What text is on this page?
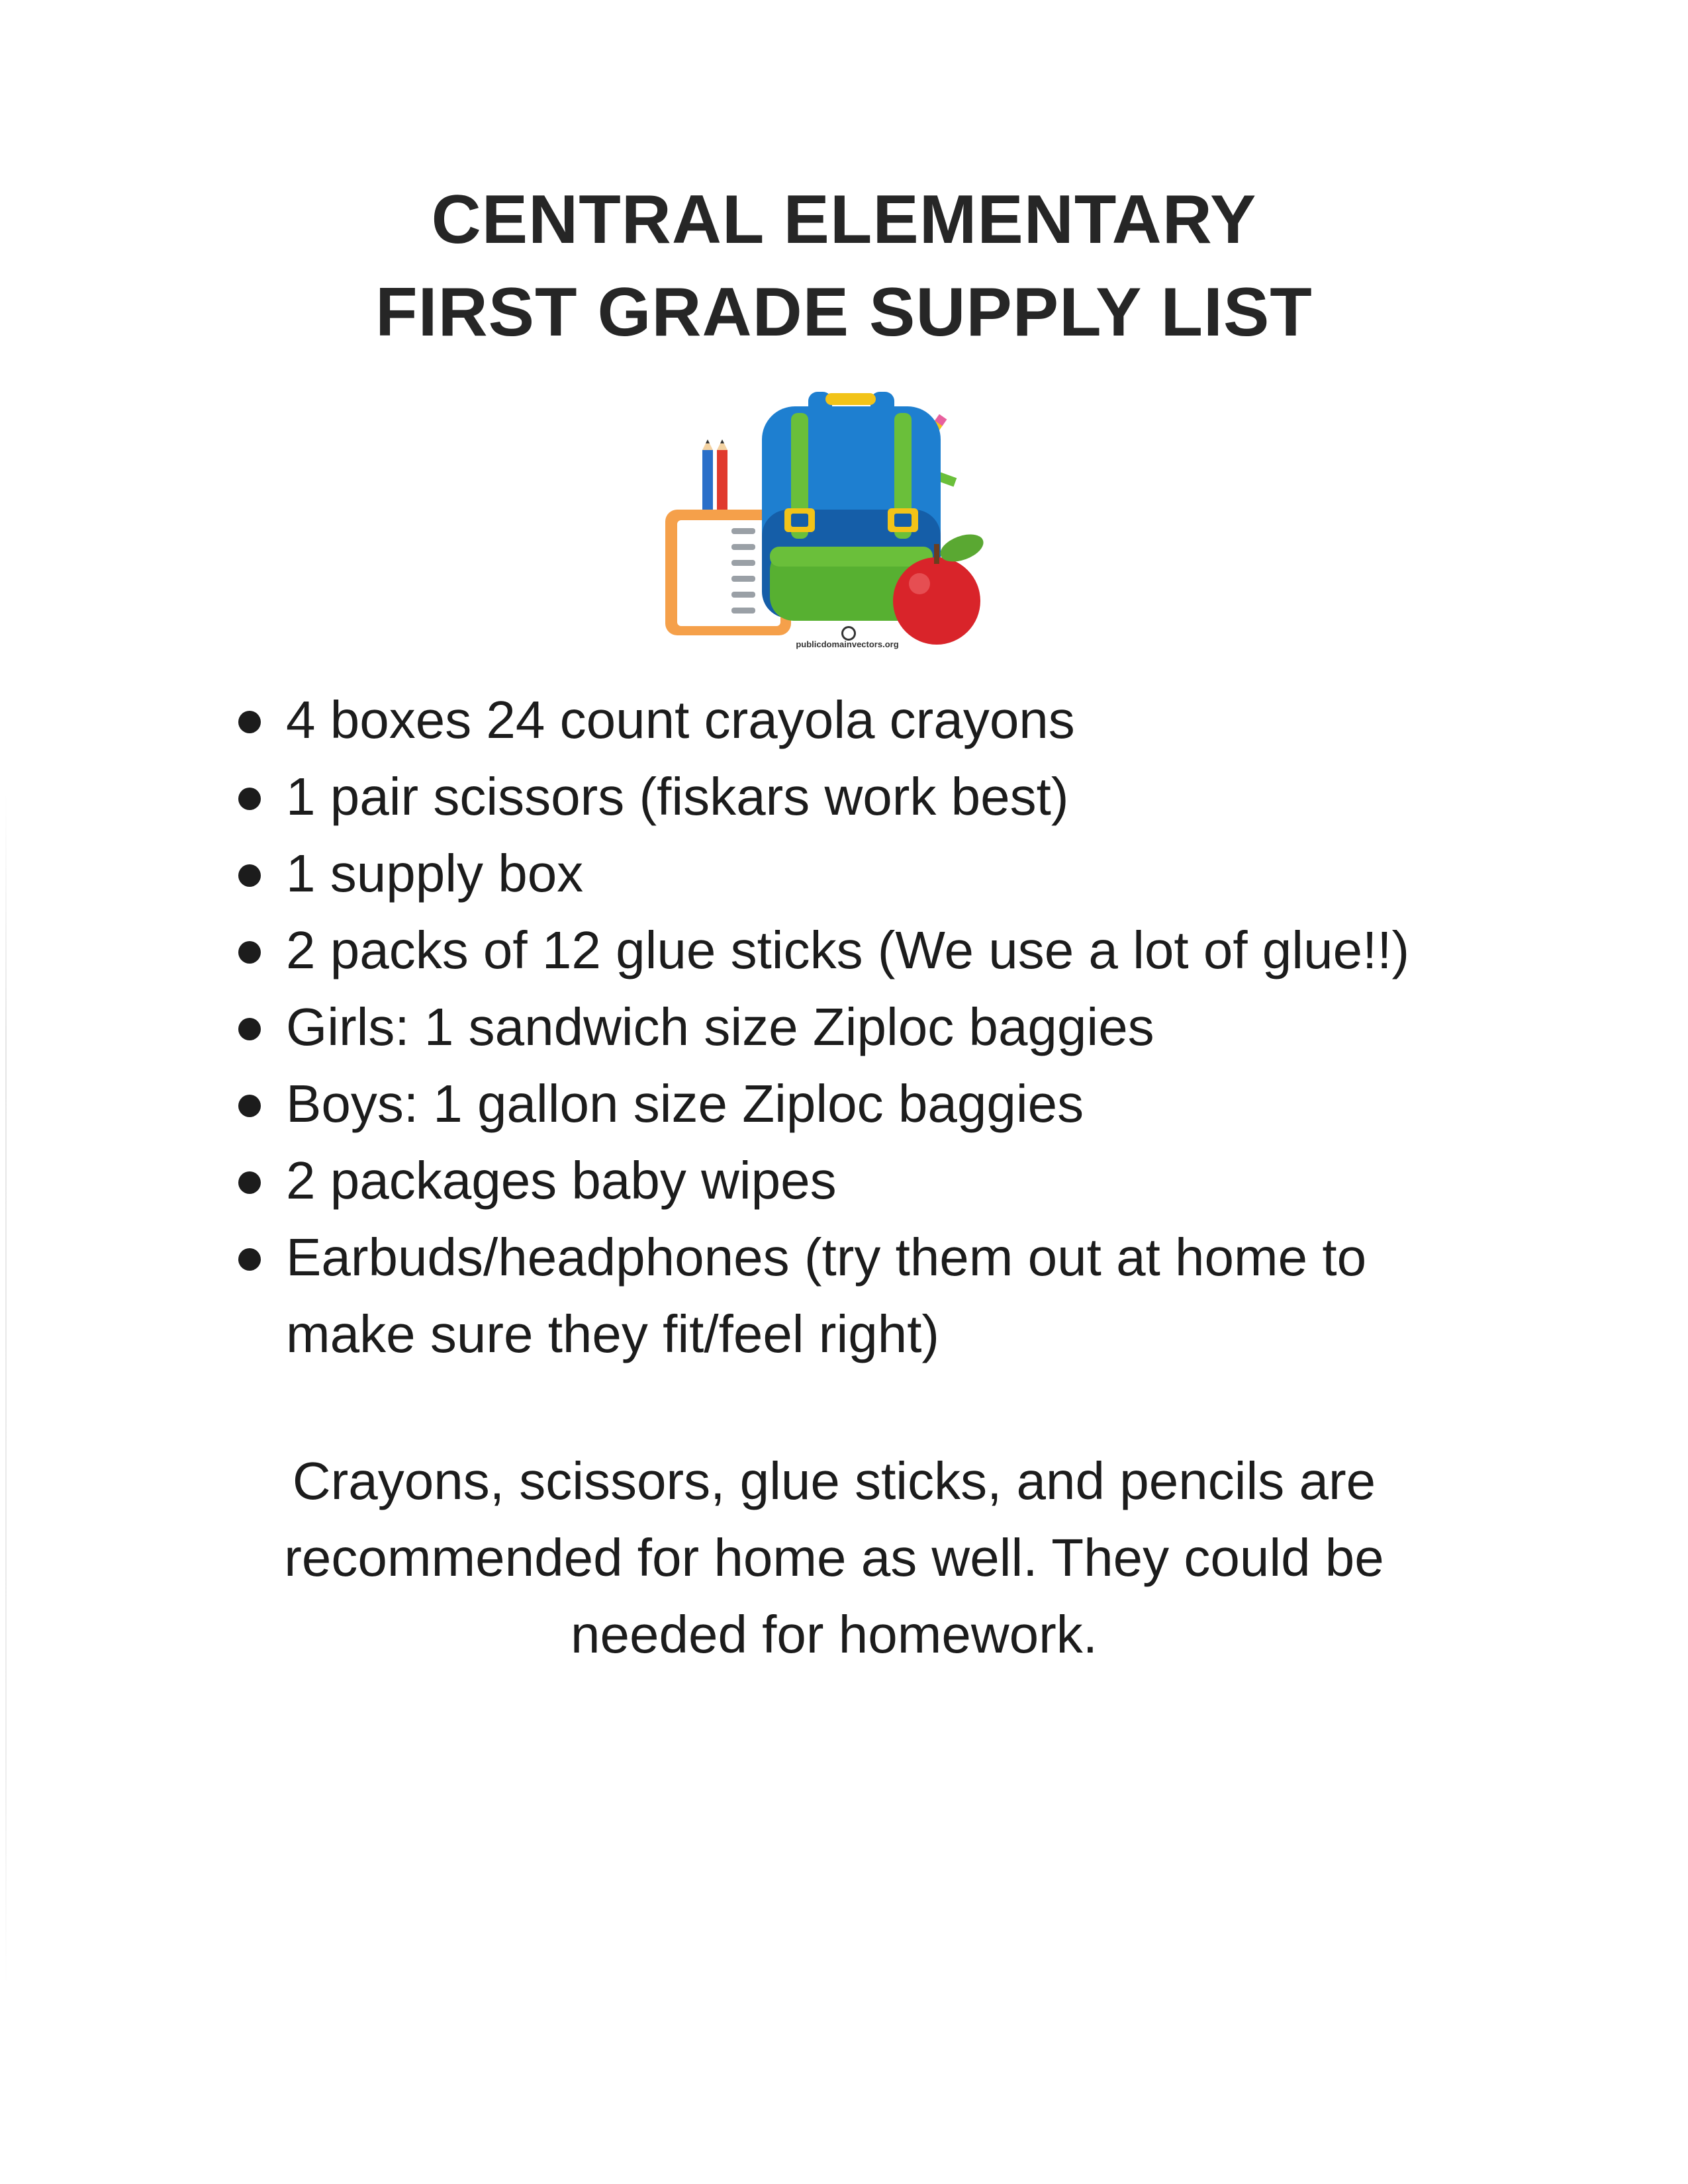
CENTRAL ELEMENTARY
FIRST GRADE SUPPLY LIST
publicdomainvectors.org
4 boxes 24 count crayola crayons
1 pair scissors (fiskars work best)
1 supply box
2 packs of 12 glue sticks (We use a lot of glue!!)
Girls: 1 sandwich size Ziploc baggies
Boys: 1 gallon size Ziploc baggies
2 packages baby wipes
Earbuds/headphones (try them out at home to make sure they fit/feel right)
Crayons, scissors, glue sticks, and pencils are
recommended for home as well. They could be
needed for homework.
